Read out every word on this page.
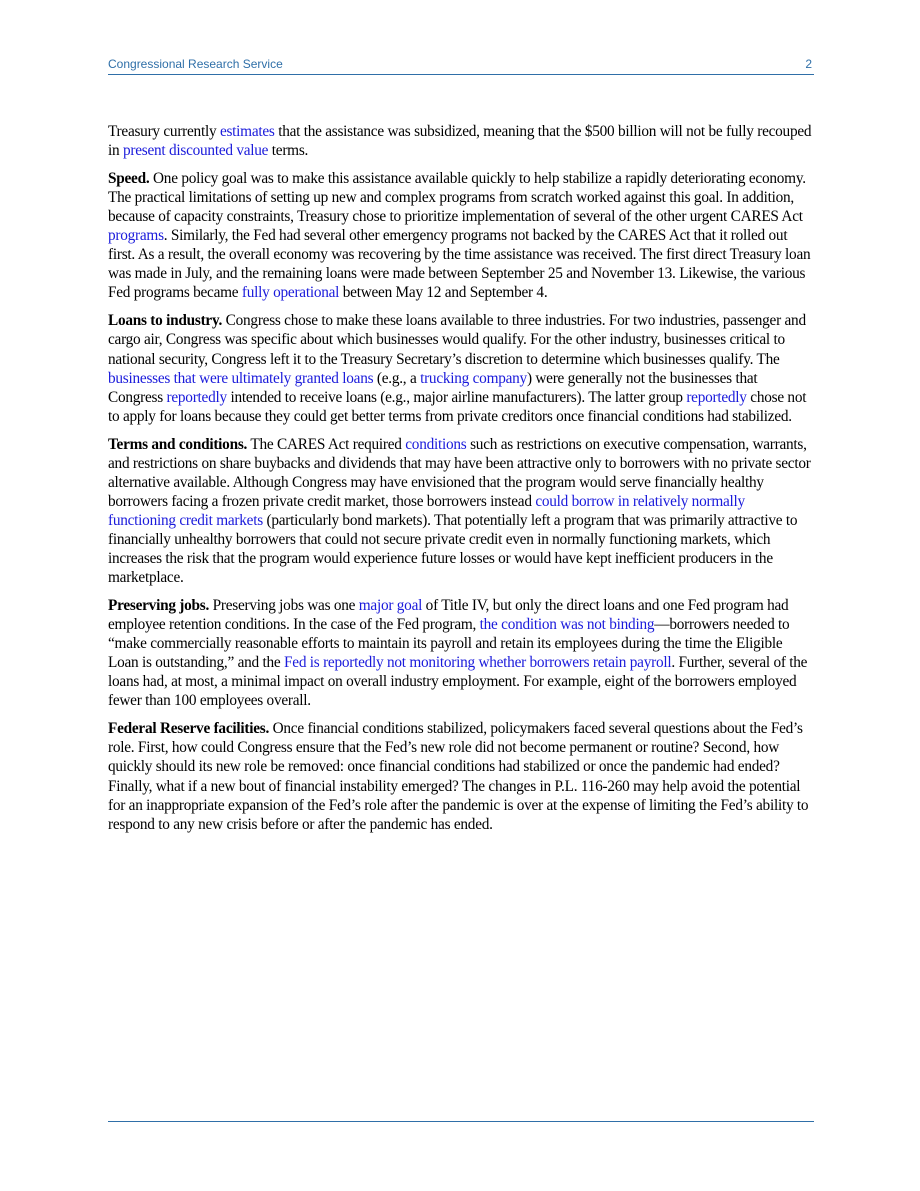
Congressional Research Service	2

Treasury currently estimates that the assistance was subsidized, meaning that the $500 billion will not be fully recouped in present discounted value terms.

Speed. One policy goal was to make this assistance available quickly to help stabilize a rapidly deteriorating economy. The practical limitations of setting up new and complex programs from scratch worked against this goal. In addition, because of capacity constraints, Treasury chose to prioritize implementation of several of the other urgent CARES Act programs. Similarly, the Fed had several other emergency programs not backed by the CARES Act that it rolled out first. As a result, the overall economy was recovering by the time assistance was received. The first direct Treasury loan was made in July, and the remaining loans were made between September 25 and November 13. Likewise, the various Fed programs became fully operational between May 12 and September 4.

Loans to industry. Congress chose to make these loans available to three industries. For two industries, passenger and cargo air, Congress was specific about which businesses would qualify. For the other industry, businesses critical to national security, Congress left it to the Treasury Secretary’s discretion to determine which businesses qualify. The businesses that were ultimately granted loans (e.g., a trucking company) were generally not the businesses that Congress reportedly intended to receive loans (e.g., major airline manufacturers). The latter group reportedly chose not to apply for loans because they could get better terms from private creditors once financial conditions had stabilized.

Terms and conditions. The CARES Act required conditions such as restrictions on executive compensation, warrants, and restrictions on share buybacks and dividends that may have been attractive only to borrowers with no private sector alternative available. Although Congress may have envisioned that the program would serve financially healthy borrowers facing a frozen private credit market, those borrowers instead could borrow in relatively normally functioning credit markets (particularly bond markets). That potentially left a program that was primarily attractive to financially unhealthy borrowers that could not secure private credit even in normally functioning markets, which increases the risk that the program would experience future losses or would have kept inefficient producers in the marketplace.

Preserving jobs. Preserving jobs was one major goal of Title IV, but only the direct loans and one Fed program had employee retention conditions. In the case of the Fed program, the condition was not binding—borrowers needed to “make commercially reasonable efforts to maintain its payroll and retain its employees during the time the Eligible Loan is outstanding,” and the Fed is reportedly not monitoring whether borrowers retain payroll. Further, several of the loans had, at most, a minimal impact on overall industry employment. For example, eight of the borrowers employed fewer than 100 employees overall.

Federal Reserve facilities. Once financial conditions stabilized, policymakers faced several questions about the Fed’s role. First, how could Congress ensure that the Fed’s new role did not become permanent or routine? Second, how quickly should its new role be removed: once financial conditions had stabilized or once the pandemic had ended? Finally, what if a new bout of financial instability emerged? The changes in P.L. 116-260 may help avoid the potential for an inappropriate expansion of the Fed’s role after the pandemic is over at the expense of limiting the Fed’s ability to respond to any new crisis before or after the pandemic has ended.
